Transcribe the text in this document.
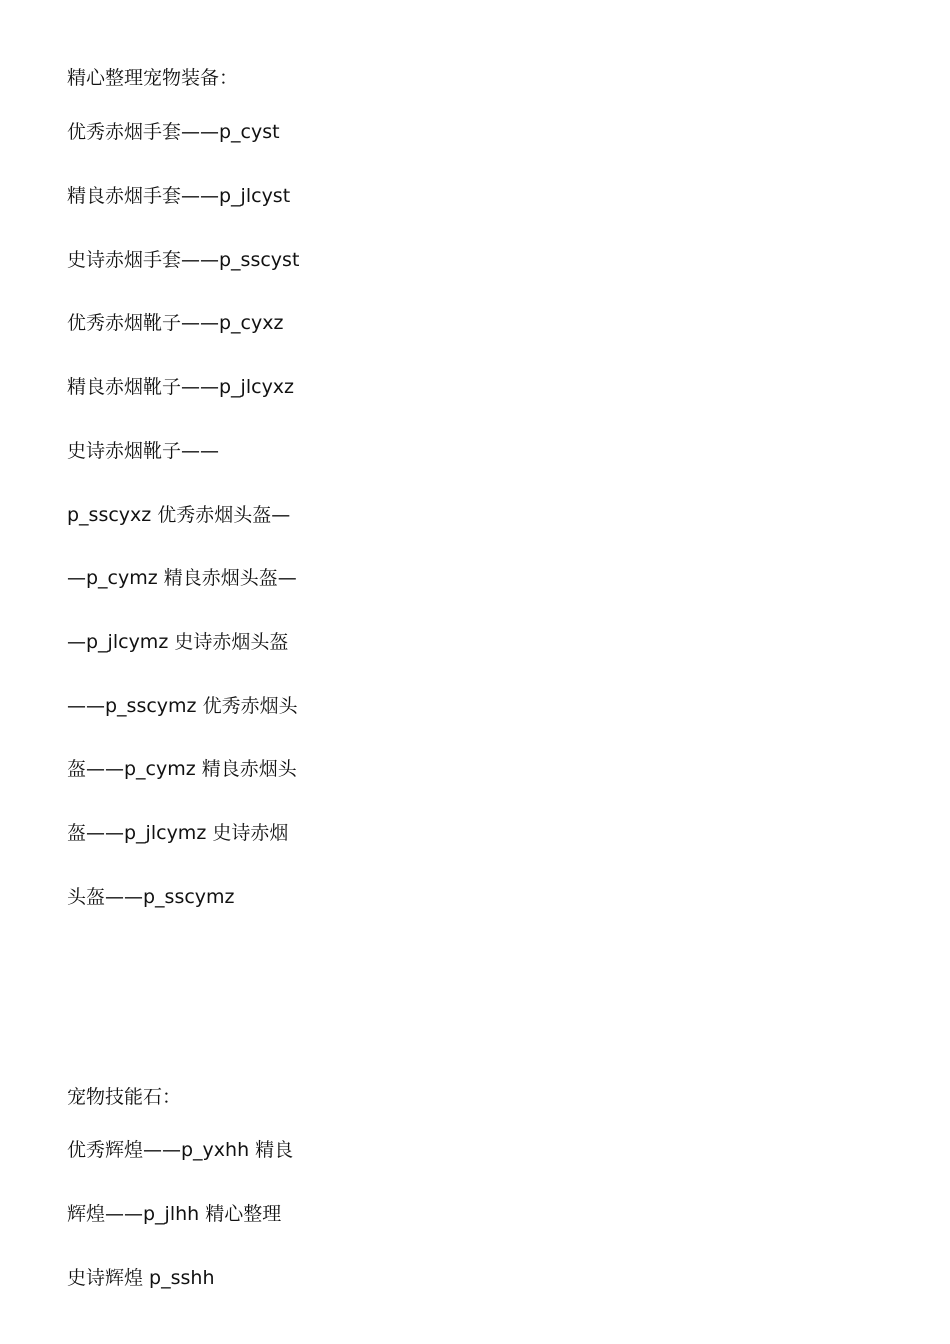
精心整理宠物装备：

优秀赤烟手套——p_cyst

精良赤烟手套——p_jlcyst

史诗赤烟手套——p_sscyst

优秀赤烟靴子——p_cyxz

精良赤烟靴子——p_jlcyxz

史诗赤烟靴子——

p_sscyxz 优秀赤烟头盔—

—p_cymz 精良赤烟头盔—

—p_jlcymz 史诗赤烟头盔

——p_sscymz 优秀赤烟头

盔——p_cymz 精良赤烟头

盔——p_jlcymz 史诗赤烟

头盔——p_sscymz

宠物技能石：

优秀辉煌——p_yxhh 精良

辉煌——p_jlhh 精心整理

史诗辉煌 p_sshh
